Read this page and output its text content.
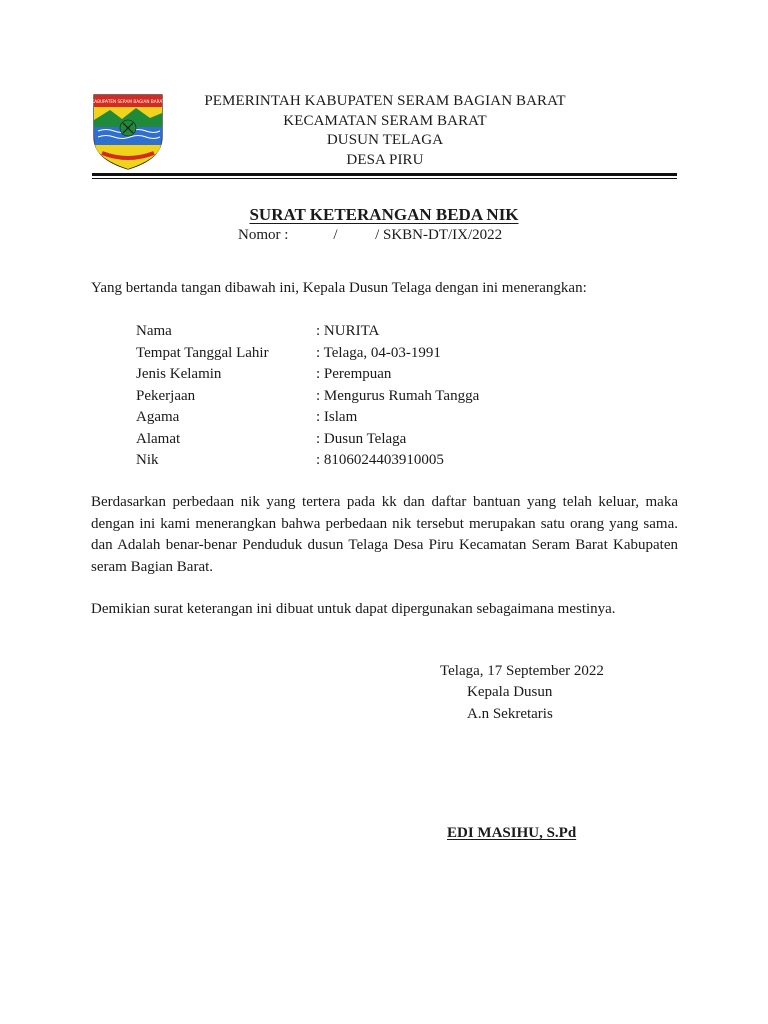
KABUPATEN SERAM BAGIAN BARAT	PEMERINTAH KABUPATEN SERAM BAGIAN BARAT
KECAMATAN SERAM BARAT
DUSUN TELAGA
DESA PIRU
SURAT KETERANGAN BEDA NIK
Nomor :            /          / SKBN-DT/IX/2022
Yang bertanda tangan dibawah ini, Kepala Dusun Telaga dengan ini menerangkan:
Nama	: NURITA
Tempat Tanggal Lahir	: Telaga, 04-03-1991
Jenis Kelamin	: Perempuan
Pekerjaan	: Mengurus Rumah Tangga
Agama	: Islam
Alamat	: Dusun Telaga
Nik	: 8106024403910005
Berdasarkan perbedaan nik yang tertera pada kk dan daftar bantuan yang telah keluar, maka dengan ini kami menerangkan bahwa perbedaan nik tersebut merupakan satu orang yang sama. dan Adalah benar-benar Penduduk dusun Telaga Desa Piru Kecamatan Seram Barat Kabupaten seram Bagian Barat.
Demikian surat keterangan ini dibuat untuk dapat dipergunakan sebagaimana mestinya.
Telaga, 17 September 2022
Kepala Dusun
A.n Sekretaris
EDI MASIHU, S.Pd
